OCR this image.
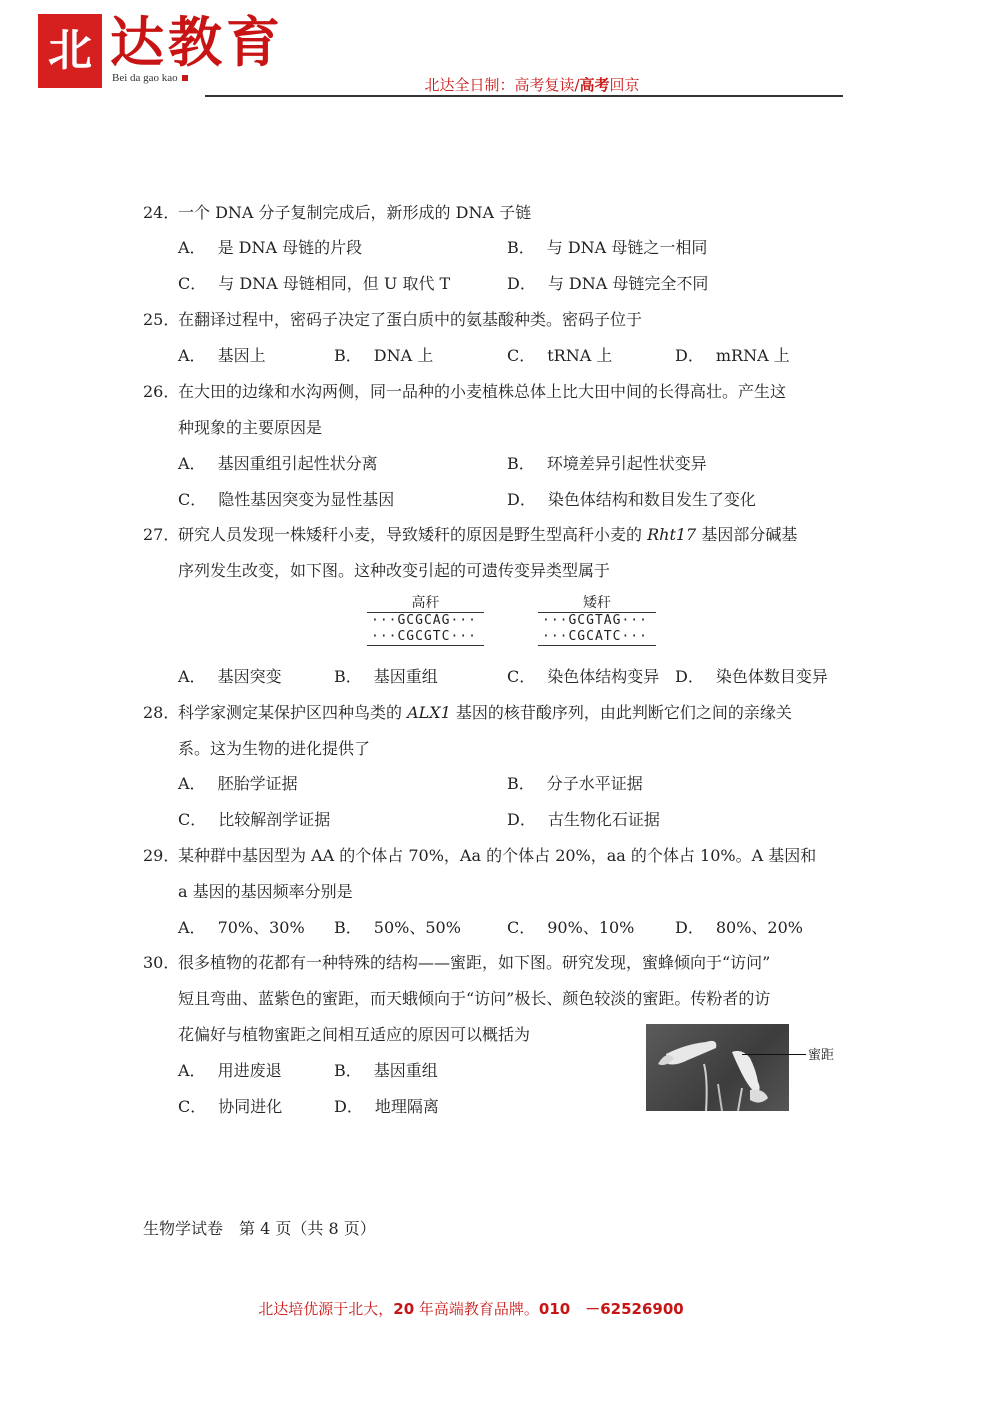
北 达教育
Bei da gao kao	北达全日制：高考复读/高考回京
24．
一个 DNA 分子复制完成后，新形成的 DNA 子链
A． 是 DNA 母链的片段	B． 与 DNA 母链之一相同
C． 与 DNA 母链相同，但 U 取代 T	D． 与 DNA 母链完全不同
25．
在翻译过程中，密码子决定了蛋白质中的氨基酸种类。密码子位于
A． 基因上	B． DNA 上	C． tRNA 上	D． mRNA 上
26．
在大田的边缘和水沟两侧，同一品种的小麦植株总体上比大田中间的长得高壮。产生这
种现象的主要原因是
A． 基因重组引起性状分离	B． 环境差异引起性状变异
C． 隐性基因突变为显性基因	D． 染色体结构和数目发生了变化
27．
研究人员发现一株矮秆小麦，导致矮秆的原因是野生型高秆小麦的 Rht17 基因部分碱基
序列发生改变，如下图。这种改变引起的可遗传变异类型属于
高秆
···GCGCAG···
···CGCGTC···
矮秆
···GCGTAG···
···CGCATC···
A． 基因突变	B． 基因重组	C． 染色体结构变异 D． 染色体数目变异
28．
科学家测定某保护区四种鸟类的 ALX1 基因的核苷酸序列，由此判断它们之间的亲缘关
系。这为生物的进化提供了
A． 胚胎学证据	B． 分子水平证据
C． 比较解剖学证据	D． 古生物化石证据
29．
某种群中基因型为 AA 的个体占 70%，Aa 的个体占 20%，aa 的个体占 10%。A 基因和
a 基因的基因频率分别是
A． 70%、30% B． 50%、50%	C． 90%、10%	D． 80%、20%
30．
很多植物的花都有一种特殊的结构——蜜距，如下图。研究发现，蜜蜂倾向于“访问”
短且弯曲、蓝紫色的蜜距，而天蛾倾向于“访问”极长、颜色较淡的蜜距。传粉者的访
花偏好与植物蜜距之间相互适应的原因可以概括为
A． 用进废退	B． 基因重组
C． 协同进化	D． 地理隔离
蜜距
生物学试卷　第 4 页（共 8 页）
北达培优源于北大，20 年高端教育品牌。010　－62526900
